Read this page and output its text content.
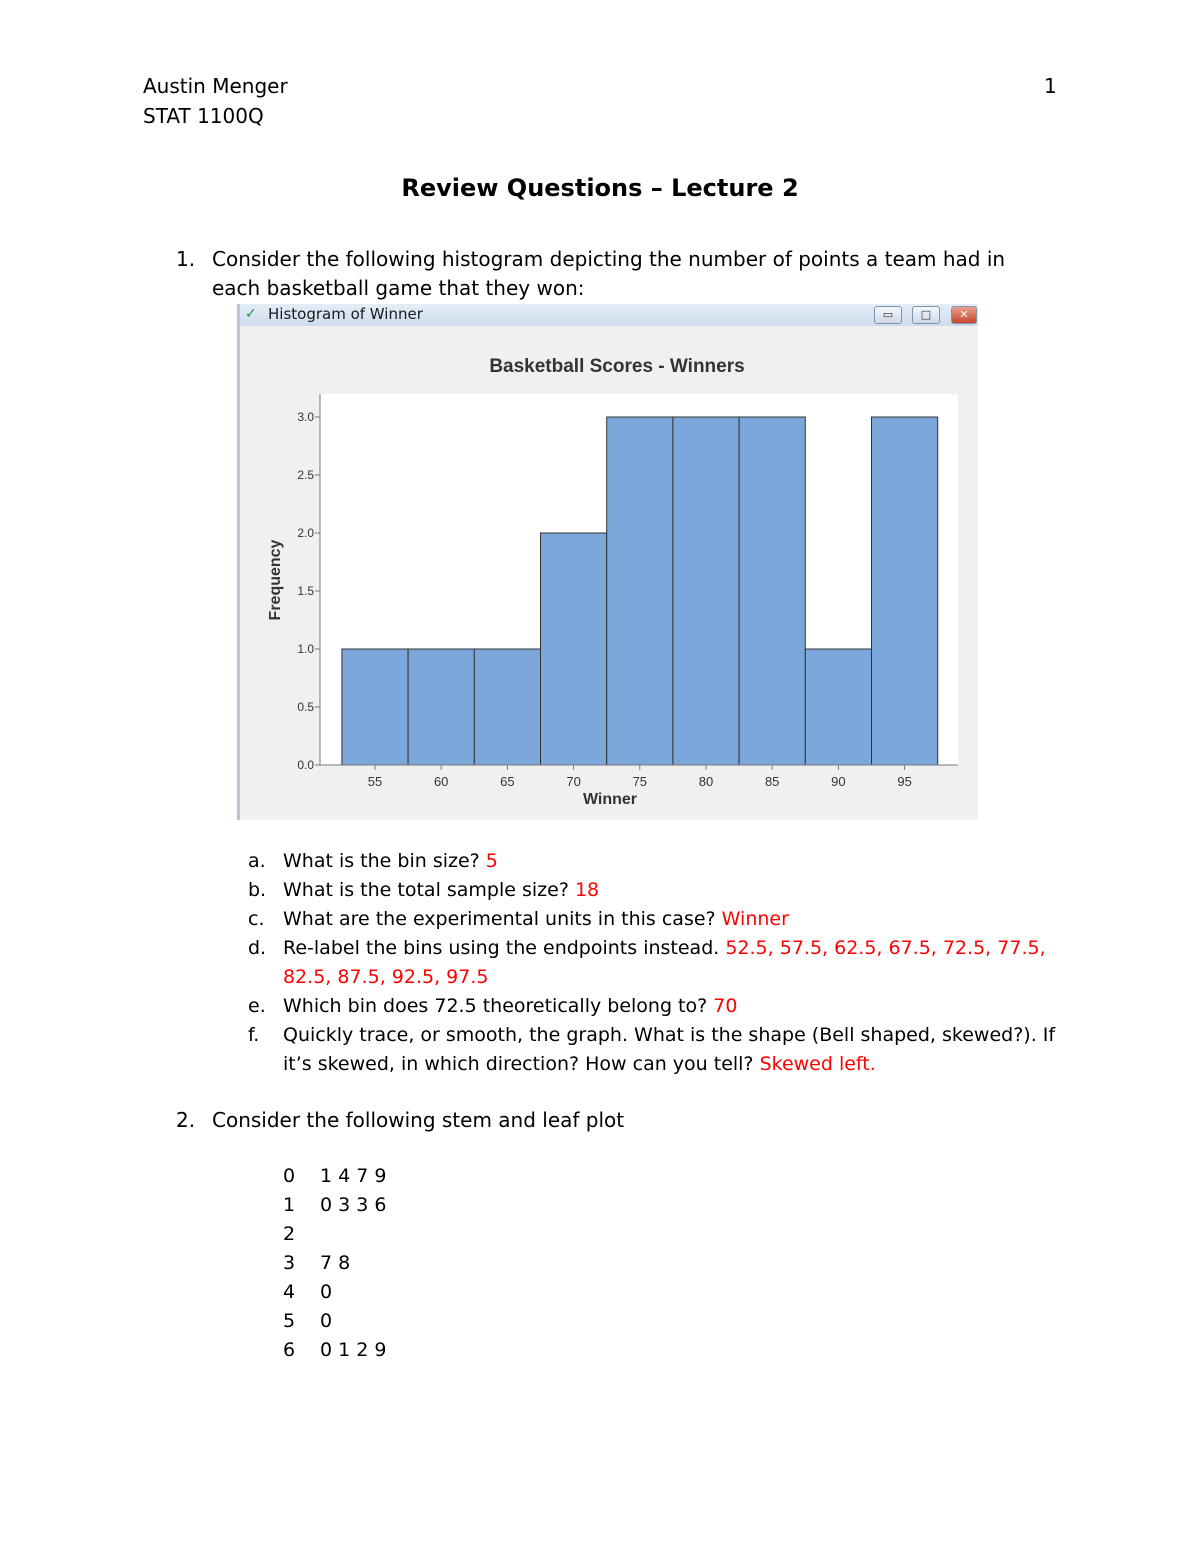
Austin Menger
STAT 1100Q
1
Review Questions – Lecture 2
1. Consider the following histogram depicting the number of points a team had in each basketball game that they won:
✓ Histogram of Winner	▭	□	✕
Basketball Scores - Winners
Winner
Frequency
0.0
0.5
1.0
1.5
2.0
2.5
3.0
55	60	65	70	75	80	85	90	95
a. What is the bin size? 5
b. What is the total sample size? 18
c. What are the experimental units in this case? Winner
d. Re-label the bins using the endpoints instead. 52.5, 57.5, 62.5, 67.5, 72.5, 77.5, 82.5, 87.5, 92.5, 97.5
e. Which bin does 72.5 theoretically belong to? 70
f. Quickly trace, or smooth, the graph. What is the shape (Bell shaped, skewed?). If it’s skewed, in which direction? How can you tell? Skewed left.
2. Consider the following stem and leaf plot
0 1 4 7 9
1 0 3 3 6
2
3 7 8
4 0
5 0
6 0 1 2 9
